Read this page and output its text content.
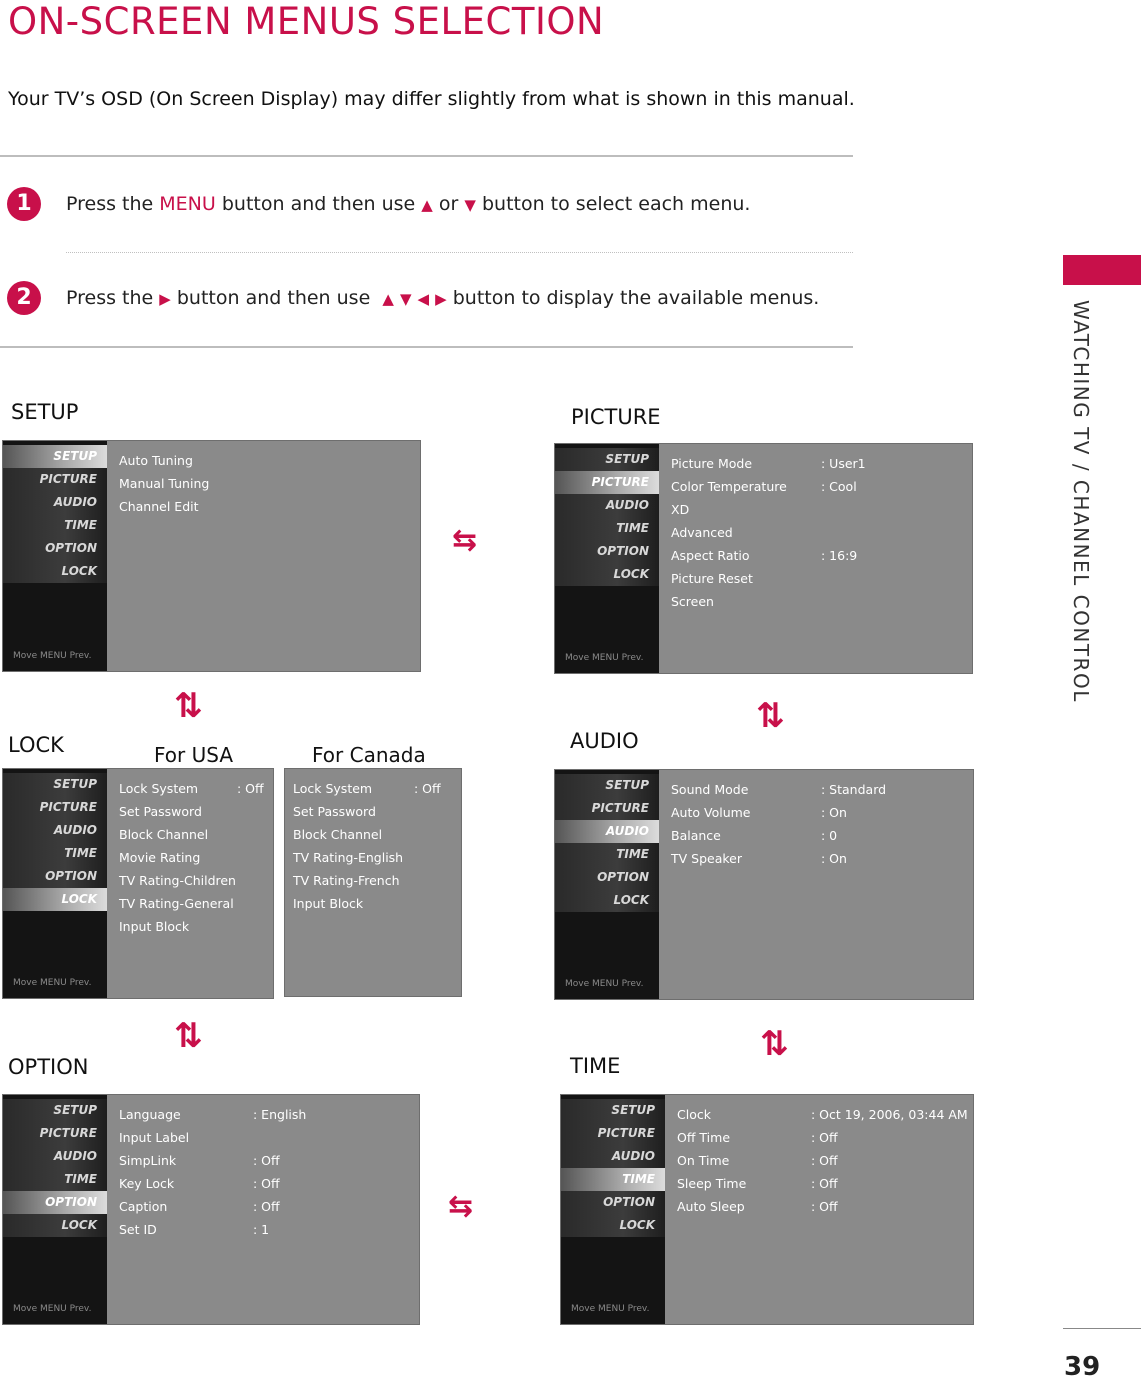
ON-SCREEN MENUS SELECTION
Your TV’s OSD (On Screen Display) may differ slightly from what is shown in this manual.
1	Press the MENU button and then use ▲ or ▼ button to select each menu.
2	Press the ▶ button and then use ▲ ▼ ◀ ▶ button to display the available menus.
WATCHING TV / CHANNEL CONTROL
39
SETUP	PICTURE
LOCK	For USA	For Canada
AUDIO
OPTION	TIME
SETUP
PICTURE
AUDIO
TIME
OPTION
LOCK
Move MENU Prev.
Auto Tuning
Manual Tuning
Channel Edit
SETUP
PICTURE
AUDIO
TIME
OPTION
LOCK
Move MENU Prev.
Picture Mode	: User1
Color Temperature	: Cool
XD
Advanced
Aspect Ratio	: 16:9
Picture Reset
Screen
SETUP
PICTURE
AUDIO
TIME
OPTION
LOCK
Move MENU Prev.
Lock System	: Off
Set Password
Block Channel
Movie Rating
TV Rating-Children
TV Rating-General
Input Block
Lock System	: Off
Set Password
Block Channel
TV Rating-English
TV Rating-French
Input Block
SETUP
PICTURE
AUDIO
TIME
OPTION
LOCK
Move MENU Prev.
Sound Mode	: Standard
Auto Volume	: On
Balance	: 0
TV Speaker	: On
SETUP
PICTURE
AUDIO
TIME
OPTION
LOCK
Move MENU Prev.
Language	: English
Input Label
SimpLink	: Off
Key Lock	: Off
Caption	: Off
Set ID	: 1
SETUP
PICTURE
AUDIO
TIME
OPTION
LOCK
Move MENU Prev.
Clock	: Oct 19, 2006, 03:44 AM
Off Time	: Off
On Time	: Off
Sleep Time	: Off
Auto Sleep	: Off
⇆
⇅	⇅
⇅	⇅
⇆
